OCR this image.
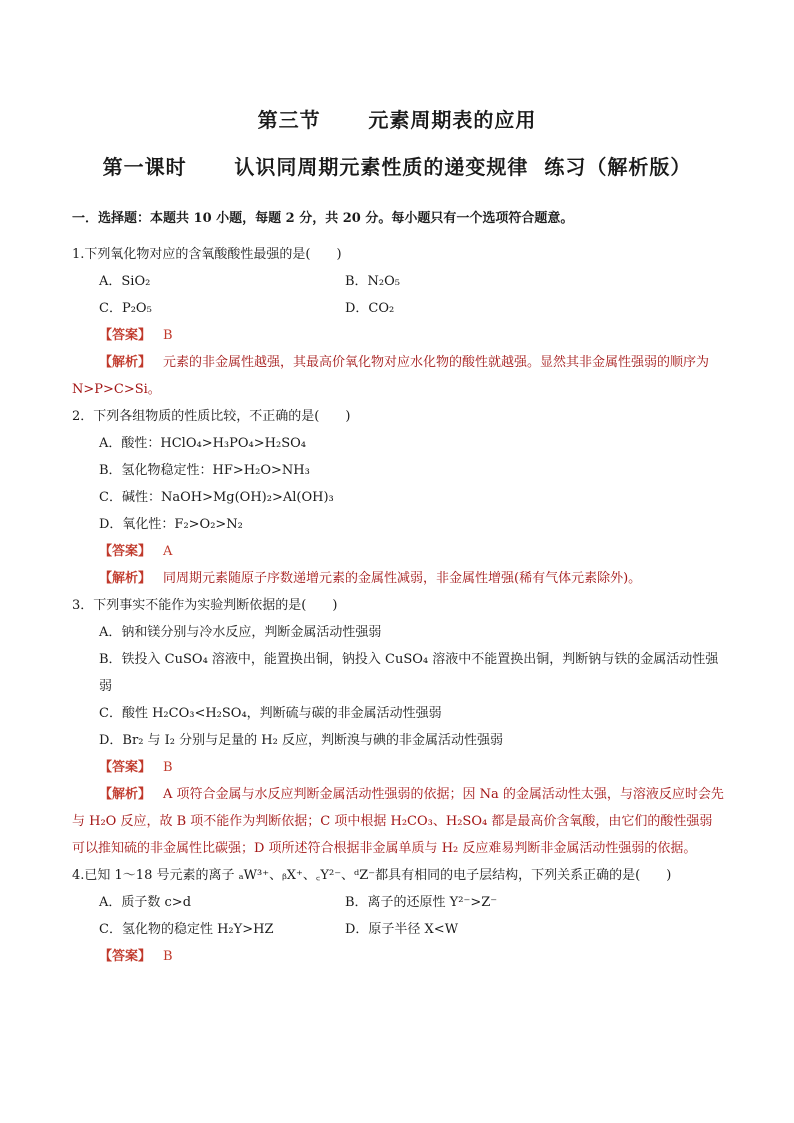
第三节      元素周期表的应用
第一课时      认识同周期元素性质的递变规律  练习（解析版）
一．选择题：本题共 10 小题，每题 2 分，共 20 分。每小题只有一个选项符合题意。
1.下列氧化物对应的含氧酸酸性最强的是(　　)
A．SiO₂	B．N₂O₅
C．P₂O₅	D．CO₂
【答案】 B
【解析】 元素的非金属性越强，其最高价氧化物对应水化物的酸性就越强。显然其非金属性强弱的顺序为 N>P>C>Si。
2．下列各组物质的性质比较，不正确的是(　　)
A．酸性：HClO₄>H₃PO₄>H₂SO₄
B．氢化物稳定性：HF>H₂O>NH₃
C．碱性：NaOH>Mg(OH)₂>Al(OH)₃
D．氧化性：F₂>O₂>N₂
【答案】 A
【解析】 同周期元素随原子序数递增元素的金属性减弱，非金属性增强(稀有气体元素除外)。
3．下列事实不能作为实验判断依据的是(　　)
A．钠和镁分别与冷水反应，判断金属活动性强弱
B．铁投入 CuSO₄ 溶液中，能置换出铜，钠投入 CuSO₄ 溶液中不能置换出铜，判断钠与铁的金属活动性强弱
C．酸性 H₂CO₃<H₂SO₄，判断硫与碳的非金属活动性强弱
D．Br₂ 与 I₂ 分别与足量的 H₂ 反应，判断溴与碘的非金属活动性强弱
【答案】 B
【解析】 A 项符合金属与水反应判断金属活动性强弱的依据；因 Na 的金属活动性太强，与溶液反应时会先与 H₂O 反应，故 B 项不能作为判断依据；C 项中根据 H₂CO₃、H₂SO₄ 都是最高价含氧酸，由它们的酸性强弱可以推知硫的非金属性比碳强；D 项所述符合根据非金属单质与 H₂ 反应难易判断非金属活动性强弱的依据。
4.已知 1～18 号元素的离子 ₐW³⁺、ᵦX⁺、꜀Y²⁻、ᵈZ⁻都具有相同的电子层结构，下列关系正确的是(　　)
A．质子数 c>d	B．离子的还原性 Y²⁻>Z⁻
C．氢化物的稳定性 H₂Y>HZ	D．原子半径 X<W
【答案】 B
